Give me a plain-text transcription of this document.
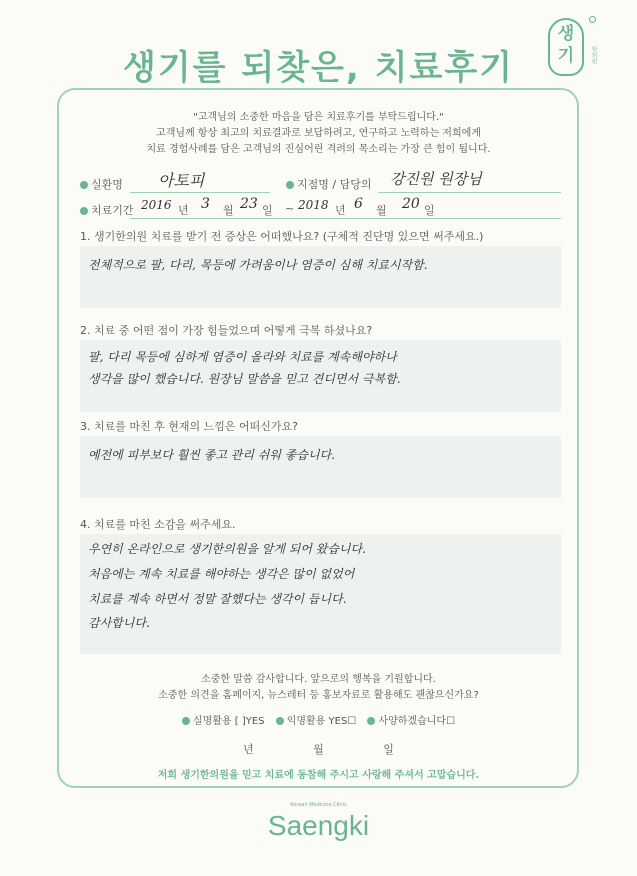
생기를 되찾은, 치료후기
생기	한의원
"고객님의 소중한 마음을 담은 치료후기를 부탁드립니다."
고객님께 항상 최고의 치료결과로 보답하려고, 연구하고 노력하는 저희에게
치료 경험사례를 담은 고객님의 진심어린 격려의 목소리는 가장 큰 힘이 됩니다.
실환명 아토피	지점명 / 담당의 강진원 원장님
치료기간 2016 년 3 월 23 일 ~ 2018 년 6 월 20 일
1. 생기한의원 치료를 받기 전 증상은 어떠했나요? (구체적 진단명 있으면 써주세요.)
전체적으로 팔, 다리, 목등에 가려움이나 염증이 심해 치료시작함.
2. 치료 중 어떤 점이 가장 힘들었으며 어떻게 극복 하셨나요?
팔, 다리 목등에 심하게 염증이 올라와 치료를 계속해야하나
생각을 많이 했습니다. 원장님 말씀을 믿고 견디면서 극복함.
3. 치료를 마친 후 현재의 느낌은 어떠신가요?
예전에 피부보다 훨씬 좋고 관리 쉬워 좋습니다.
4. 치료를 마친 소감을 써주세요.
우연히 온라인으로 생기한의원을 알게 되어 왔습니다.
처음에는 계속 치료를 해야하는 생각은 많이 없었어
치료를 계속 하면서 정말 잘했다는 생각이 듭니다.
감사합니다.
소중한 말씀 감사합니다. 앞으로의 행복을 기원합니다.
소중한 의견을 홈페이지, 뉴스레터 등 홍보자료로 활용해도 괜찮으신가요?
실명활용 [ ]YES 익명활용 YES☐ 사양하겠습니다☐
년 월 일
저희 생기한의원을 믿고 치료에 동참해 주시고 사랑해 주셔서 고맙습니다.
Korean Medicine Clinic
Saengki
